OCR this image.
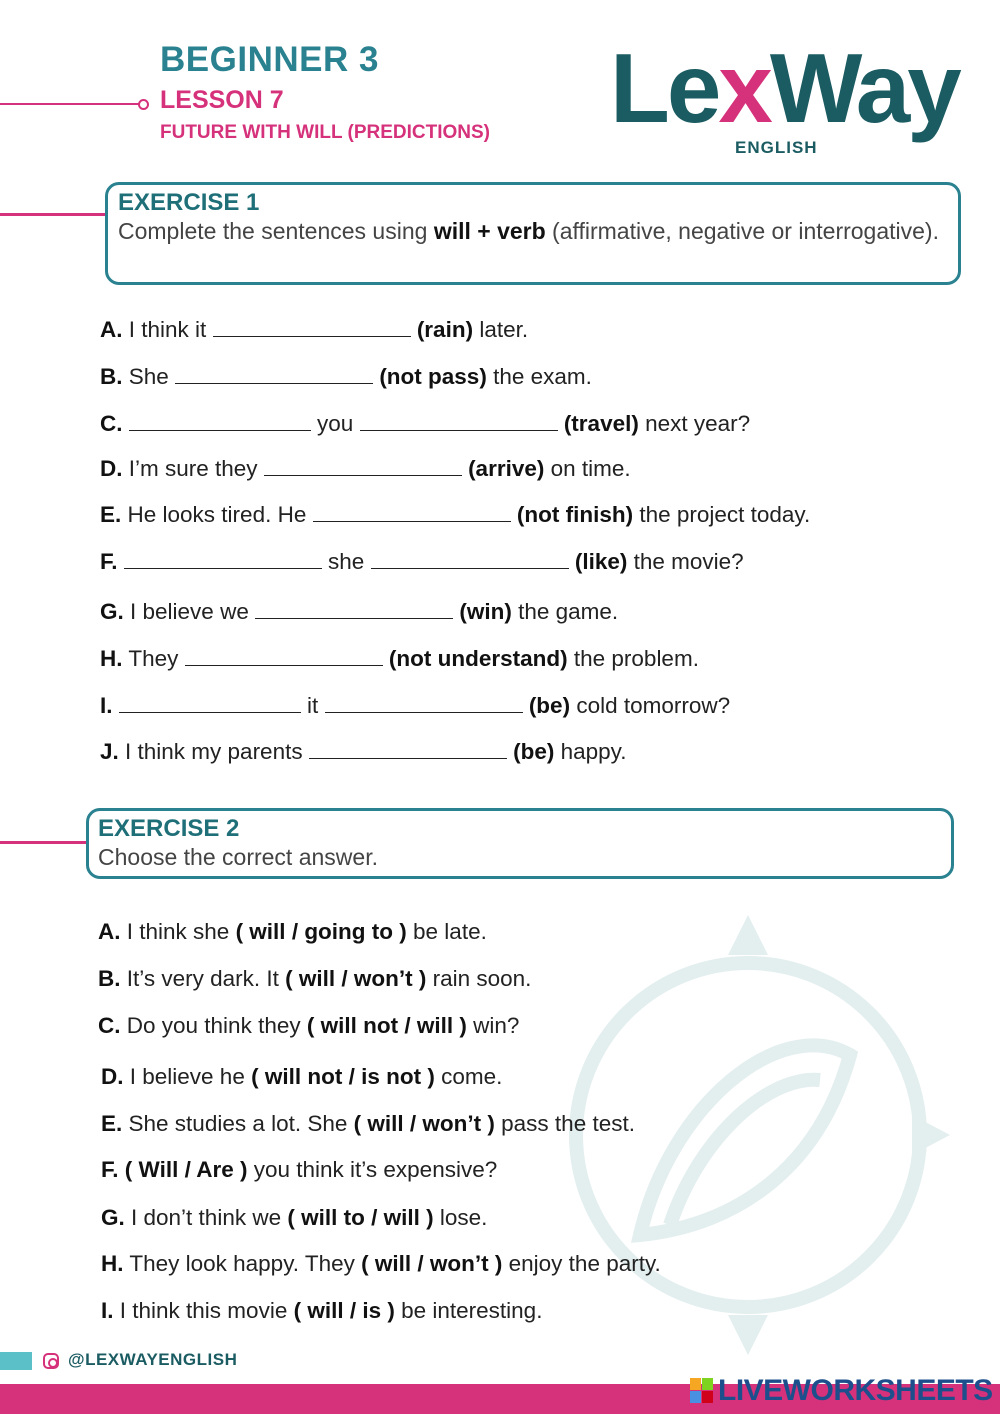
BEGINNER 3
LESSON 7
FUTURE WITH WILL (PREDICTIONS) LexWay
ENGLISH
EXERCISE 1
Complete the sentences using will + verb (affirmative, negative or interrogative).
A. I think it	(rain) later.
B. She	(not pass) the exam.
C.	you	(travel) next year?
D. I’m sure they	(arrive) on time.
E. He looks tired. He	(not finish) the project today.
F.	she	(like) the movie?
G. I believe we	(win) the game.
H. They	(not understand) the problem.
I.	it	(be) cold tomorrow?
J. I think my parents	(be) happy.
EXERCISE 2
Choose the correct answer.
A. I think she ( will / going to ) be late.
B. It’s very dark. It ( will / won’t ) rain soon.
C. Do you think they ( will not / will ) win?
D. I believe he ( will not / is not ) come.
E. She studies a lot. She ( will / won’t ) pass the test.
F. ( Will / Are ) you think it’s expensive?
G. I don’t think we ( will to / will ) lose.
H. They look happy. They ( will / won’t ) enjoy the party.
I. I think this movie ( will / is ) be interesting.
@LEXWAYENGLISH
LIVEWORKSHEETS
